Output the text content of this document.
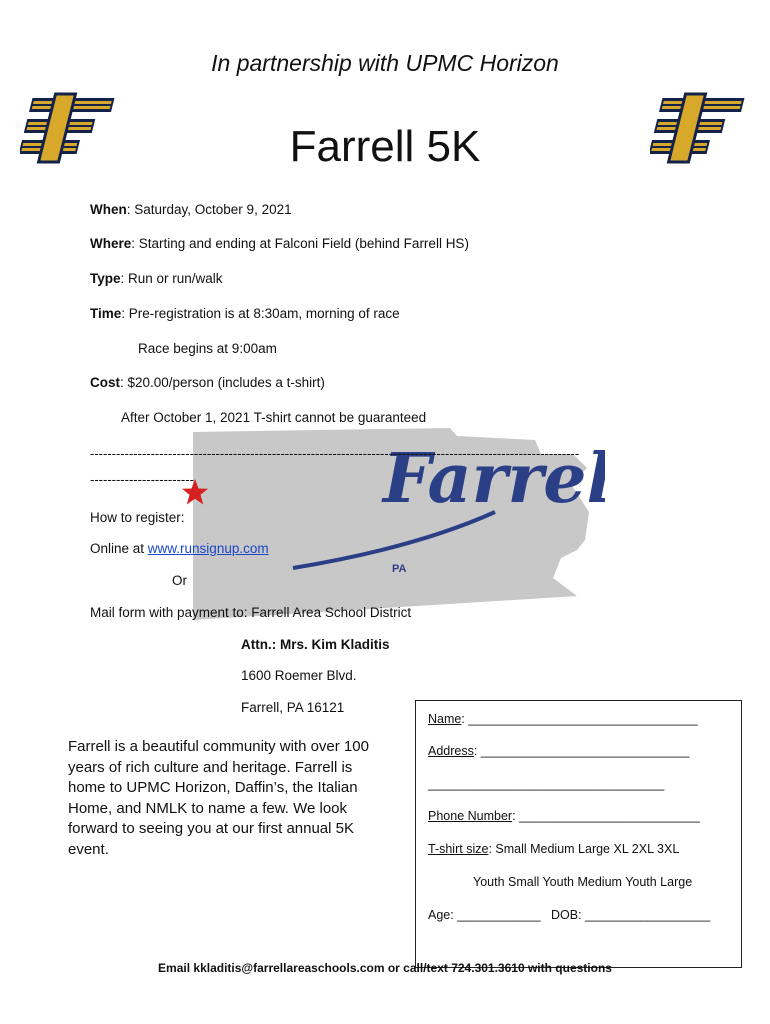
In partnership with UPMC Horizon
Farrell 5K
Farre
PA
Designed by TownMapsUSA.com
When: Saturday, October 9, 2021
Where: Starting and ending at Falconi Field (behind Farrell HS)
Type: Run or run/walk
Time: Pre-registration is at 8:30am, morning of race
Race begins at 9:00am
Cost: $20.00/person (includes a t-shirt)
After October 1, 2021 T-shirt cannot be guaranteed
-----------------------------------------------------------------------------------------------------------------
------------------------
How to register:
Online at www.runsignup.com
Or
Mail form with payment to: Farrell Area School District
Attn.: Mrs. Kim Kladitis
1600 Roemer Blvd.
Farrell, PA 16121
Farrell is a beautiful community with over 100 years of rich culture and heritage. Farrell is home to UPMC Horizon, Daffin’s, the Italian Home, and NMLK to name a few. We look forward to seeing you at our first annual 5K event.
Name: _________________________________
Address: ______________________________
__________________________________
Phone Number: __________________________
T-shirt size: Small Medium Large XL 2XL 3XL
Youth Small Youth Medium Youth Large
Age: ____________ DOB: __________________
Email kkladitis@farrellareaschools.com or call/text 724.301.3610 with questions
